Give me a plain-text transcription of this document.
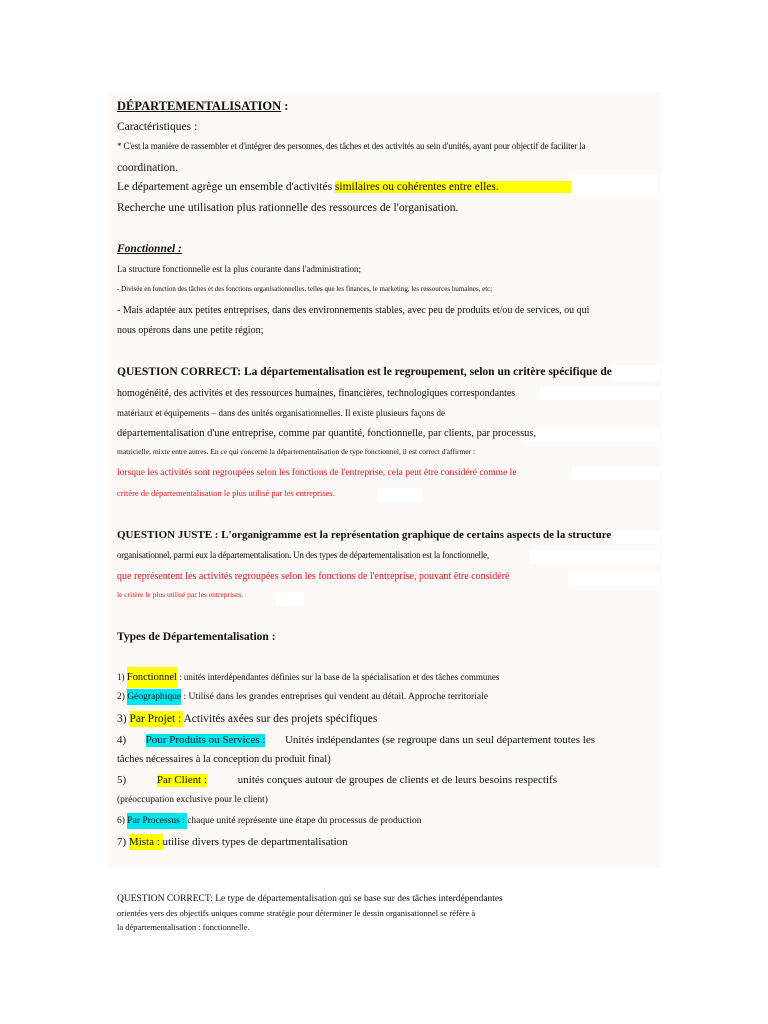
DÉPARTEMENTALISATION :
Caractéristiques :
* C'est la manière de rassembler et d'intégrer des personnes, des tâches et des activités au sein d'unités, ayant pour objectif de faciliter la
coordination.
Le département agrège un ensemble d'activités similaires ou cohérentes entre elles.
Recherche une utilisation plus rationnelle des ressources de l'organisation.
Fonctionnel :
La structure fonctionnelle est la plus courante dans l'administration;
- Divisée en fonction des tâches et des fonctions organisationnelles, telles que les finances, le marketing, les ressources humaines, etc;
- Mais adaptée aux petites entreprises, dans des environnements stables, avec peu de produits et/ou de services, ou qui
nous opérons dans une petite région;
QUESTION CORRECT: La départementalisation est le regroupement, selon un critère spécifique de
homogénéité, des activités et des ressources humaines, financières, technologiques correspondantes
matériaux et équipements – dans des unités organisationnelles. Il existe plusieurs façons de
départementalisation d'une entreprise, comme par quantité, fonctionnelle, par clients, par processus,
matricielle, mixte entre autres. En ce qui concerne la départementalisation de type fonctionnel, il est correct d'affirmer :
lorsque les activités sont regroupées selon les fonctions de l'entreprise, cela peut être considéré comme le
critère de départementalisation le plus utilisé par les entreprises.
QUESTION JUSTE : L'organigramme est la représentation graphique de certains aspects de la structure
organisationnel, parmi eux la départementalisation. Un des types de départementalisation est la fonctionnelle,
que représentent les activités regroupées selon les fonctions de l'entreprise, pouvant être considéré
le critère le plus utilisé par les entreprises.
Types de Départementalisation :
1) Fonctionnel : unités interdépendantes définies sur la base de la spécialisation et des tâches communes
2) Géographique : Utilisé dans les grandes entreprises qui vendent au détail. Approche territoriale
3) Par Projet : Activités axées sur des projets spécifiques
4) Pour Produits ou Services : Unités indépendantes (se regroupe dans un seul département toutes les
tâches nécessaires à la conception du produit final)
5)	Par Client :	unités conçues autour de groupes de clients et de leurs besoins respectifs
(préoccupation exclusive pour le client)
6) Par Processus : chaque unité représente une étape du processus de production
7) Mista : utilise divers types de departmentalisation
QUESTION CORRECT: Le type de départementalisation qui se base sur des tâches interdépendantes
orientées vers des objectifs uniques comme stratégie pour déterminer le dessin organisationnel se réfère à
la départementalisation : fonctionnelle.
